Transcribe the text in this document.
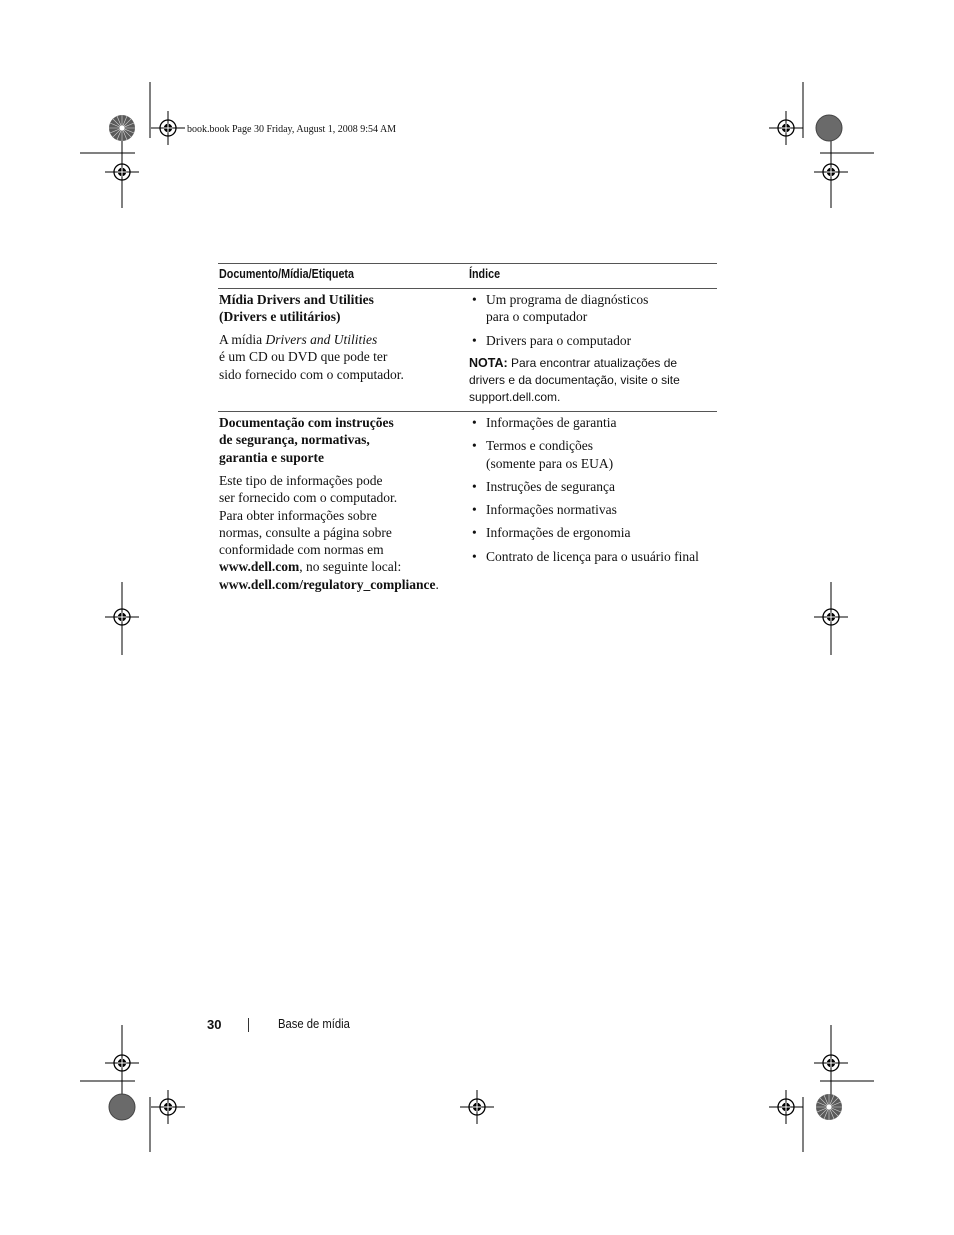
book.book Page 30 Friday, August 1, 2008 9:54 AM
Documento/Mídia/Etiqueta	Índice
Mídia Drivers and Utilities
(Drivers e utilitários)
A mídia Drivers and Utilities
é um CD ou DVD que pode ter
sido fornecido com o computador.
• Um programa de diagnósticos
para o computador
• Drivers para o computador
NOTA: Para encontrar atualizações de
drivers e da documentação, visite o site
support.dell.com.
Documentação com instruções
de segurança, normativas,
garantia e suporte
Este tipo de informações pode
ser fornecido com o computador.
Para obter informações sobre
normas, consulte a página sobre
conformidade com normas em
www.dell.com, no seguinte local:
www.dell.com/regulatory_compliance.
• Informações de garantia
• Termos e condições
(somente para os EUA)
• Instruções de segurança
• Informações normativas
• Informações de ergonomia
• Contrato de licença para o usuário final
30	Base de mídia
